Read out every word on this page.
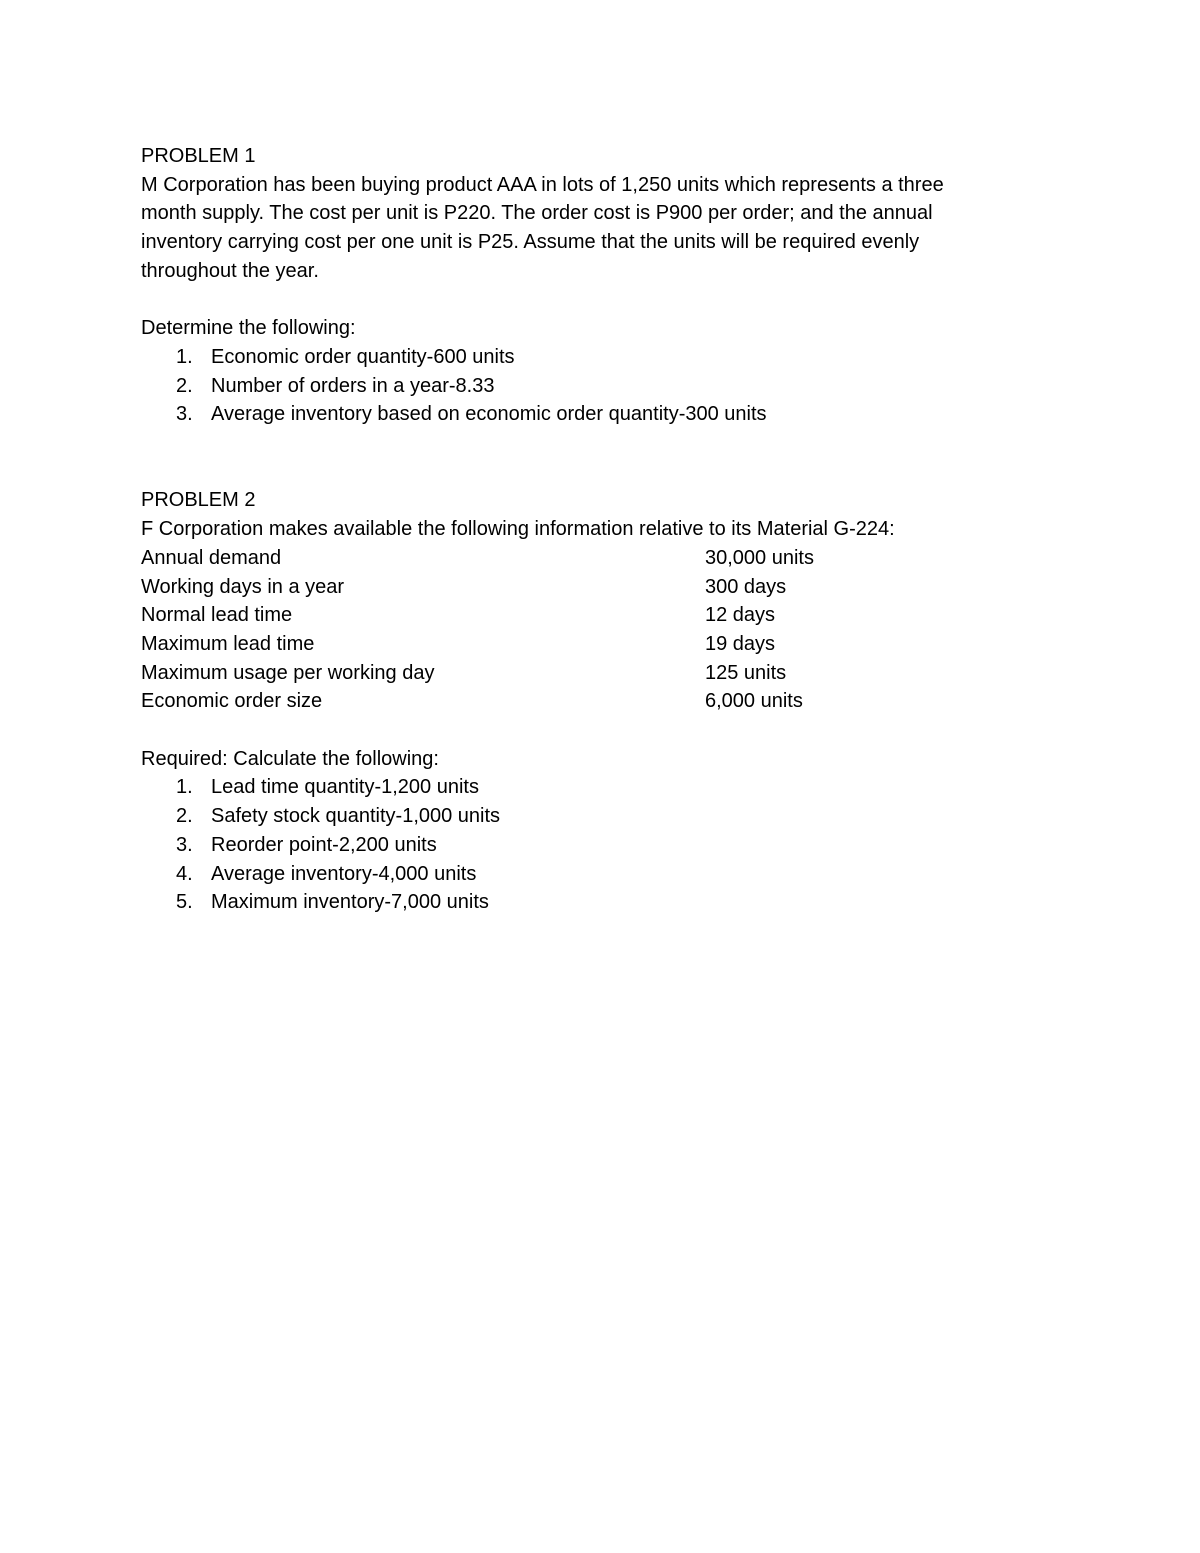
PROBLEM 1

M Corporation has been buying product AAA in lots of 1,250 units which represents a three

month supply. The cost per unit is P220. The order cost is P900 per order; and the annual

inventory carrying cost per one unit is P25. Assume that the units will be required evenly

throughout the year.

Determine the following:

1. Economic order quantity-600 units
2. Number of orders in a year-8.33
3. Average inventory based on economic order quantity-300 units

PROBLEM 2

F Corporation makes available the following information relative to its Material G-224:

Annual demand	30,000 units
Working days in a year	300 days
Normal lead time	12 days
Maximum lead time	19 days
Maximum usage per working day	125 units
Economic order size	6,000 units

Required: Calculate the following:

1. Lead time quantity-1,200 units
2. Safety stock quantity-1,000 units
3. Reorder point-2,200 units
4. Average inventory-4,000 units
5. Maximum inventory-7,000 units
